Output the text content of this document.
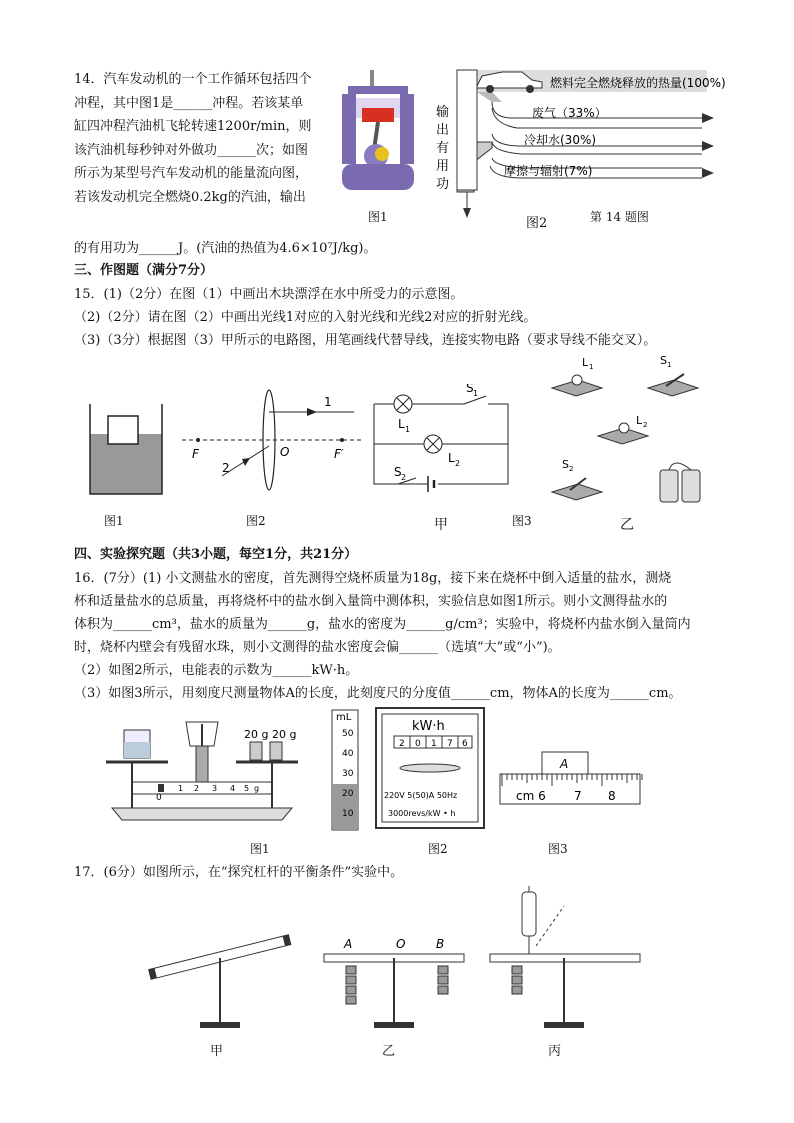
14．汽车发动机的一个工作循环包括四个

冲程，其中图1是______冲程。若该某单

缸四冲程汽油机飞轮转速1200r/min，则

该汽油机每秒钟对外做功______次；如图

所示为某型号汽车发动机的能量流向图，

若该发动机完全燃烧0.2kg的汽油，输出

图1
燃料完全燃烧释放的热量(100%)
废气（33%）
冷却水(30%)
摩擦与辐射(7%)
输
出
有
用
功
图2	第 14 题图
的有用功为______J。(汽油的热值为4.6×10⁷J/kg)。
三、作图题（满分7分）
15．(1)（2分）在图（1）中画出木块漂浮在水中所受力的示意图。
（2)（2分）请在图（2）中画出光线1对应的入射光线和光线2对应的折射光线。
（3)（3分）根据图（3）甲所示的电路图，用笔画线代替导线，连接实物电路（要求导线不能交叉）。
图1
F	O	F′
1
2
图2
L 1
L 2
S 1
S 2
甲	图3
L 1	S 1
L 2
S 2
乙
四、实验探究题（共3小题，每空1分，共21分）
16．(7分）(1) 小文测盐水的密度，首先测得空烧杯质量为18g，接下来在烧杯中倒入适量的盐水，测烧
杯和适量盐水的总质量，再将烧杯中的盐水倒入量筒中测体积，实验信息如图1所示。则小文测得盐水的
体积为______cm³，盐水的质量为______g，盐水的密度为______g/cm³；实验中，将烧杯内盐水倒入量筒内
时，烧杯内壁会有残留水珠，则小文测得的盐水密度会偏______（选填“大”或“小”)。
（2）如图2所示，电能表的示数为______kW·h。
（3）如图3所示，用刻度尺测量物体A的长度，此刻度尺的分度值______cm，物体A的长度为______cm。
20 g 20 g
0
1 2 3 4 5 g
mL
50
40
30
20
10
图1
kW·h
2 0 1 7 6
220V 5(50)A 50Hz
3000revs/kW • h
图2
A
cm 6 7 8
图3
17．(6分）如图所示，在“探究杠杆的平衡条件”实验中。
甲
A	O	B
乙	丙
